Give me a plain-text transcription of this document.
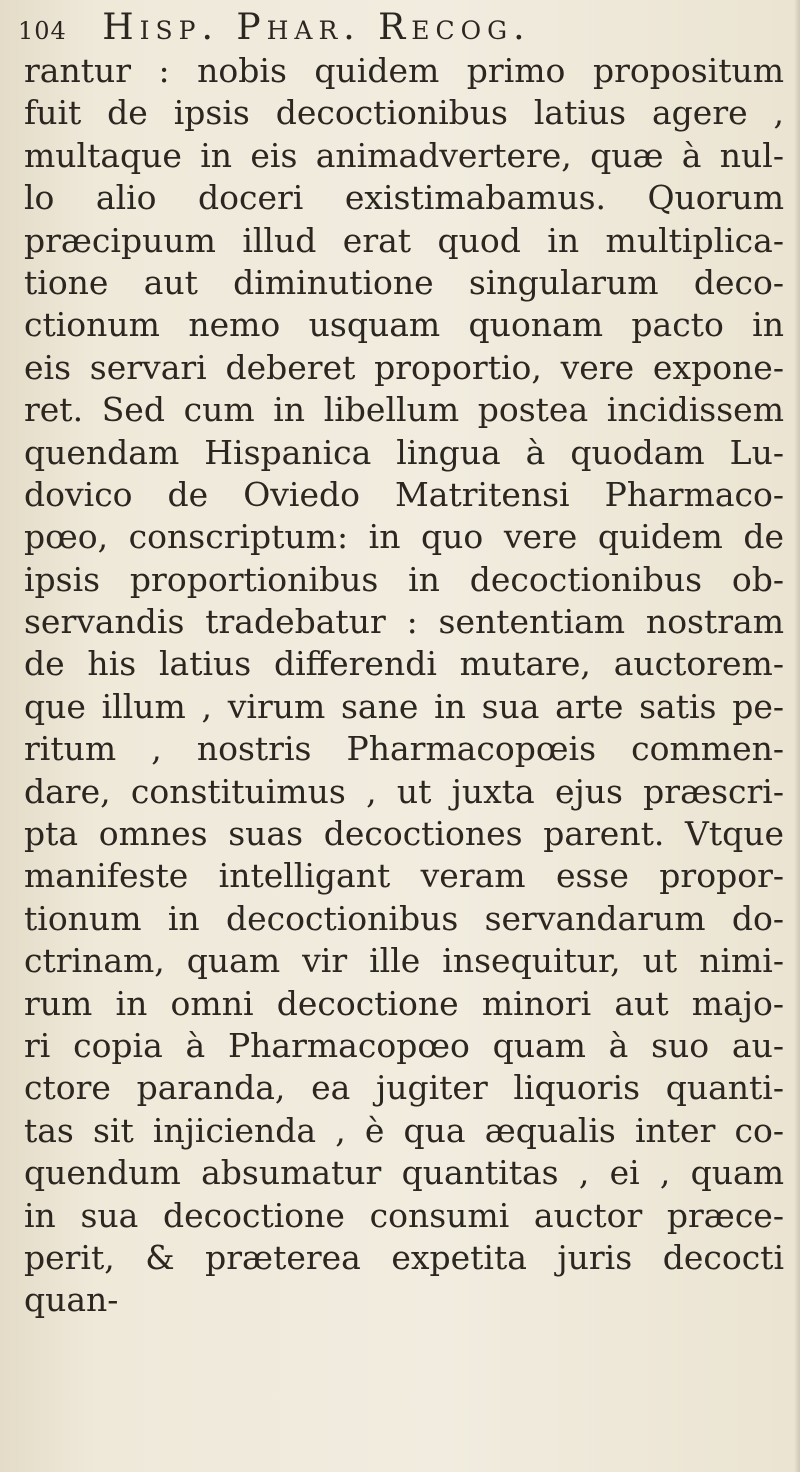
104 Hisp. Phar. Recog.
rantur : nobis quidem primo propositum
fuit de ipsis decoctionibus latius agere ,
multaque in eis animadvertere, quæ à nul-
lo alio doceri existimabamus. Quorum
præcipuum illud erat quod in multiplica-
tione aut diminutione singularum deco-
ctionum nemo usquam quonam pacto in
eis servari deberet proportio, vere expone-
ret. Sed cum in libellum postea incidissem
quendam Hispanica lingua à quodam Lu-
dovico de Oviedo Matritensi Pharmaco-
pœo, conscriptum: in quo vere quidem de
ipsis proportionibus in decoctionibus ob-
servandis tradebatur : sententiam nostram
de his latius differendi mutare, auctorem-
que illum , virum sane in sua arte satis pe-
ritum , nostris Pharmacopœis commen-
dare, constituimus , ut juxta ejus præscri-
pta omnes suas decoctiones parent. Vtque
manifeste intelligant veram esse propor-
tionum in decoctionibus servandarum do-
ctrinam, quam vir ille insequitur, ut nimi-
rum in omni decoctione minori aut majo-
ri copia à Pharmacopœo quam à suo au-
ctore paranda, ea jugiter liquoris quanti-
tas sit injicienda , è qua æqualis inter co-
quendum absumatur quantitas , ei , quam
in sua decoctione consumi auctor præce-
perit, & præterea expetita juris decocti
quan-
